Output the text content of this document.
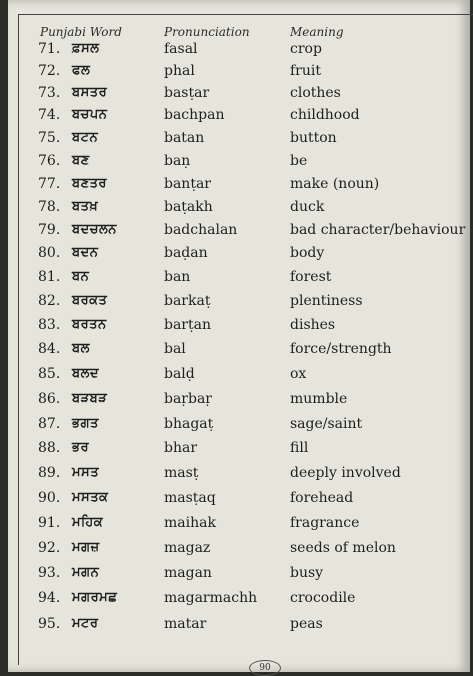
Punjabi Word	Pronunciation	Meaning
71. ਫ਼ਸਲ	fasal	crop
72. ਫਲ	phal	fruit
73. ਬਸਤਰ	basṭar	clothes
74. ਬਚਪਨ	bachpan	childhood
75. ਬਟਨ	batan	button
76. ਬਣ	baṇ	be
77. ਬਣਤਰ	banṭar	make (noun)
78. ਬਤਖ਼	baṭakh	duck
79. ਬਦਚਲਨ	badchalan	bad character/behaviour
80. ਬਦਨ	baḍan	body
81. ਬਨ	ban	forest
82. ਬਰਕਤ	barkaṭ	plentiness
83. ਬਰਤਨ	barṭan	dishes
84. ਬਲ	bal	force/strength
85. ਬਲਦ	balḍ	ox
86. ਬੜਬੜ	baṛbaṛ	mumble
87. ਭਗਤ	bhagaṭ	sage/saint
88. ਭਰ	bhar	fill
89. ਮਸਤ	masṭ	deeply involved
90. ਮਸਤਕ	masṭaq	forehead
91. ਮਹਿਕ	maihak	fragrance
92. ਮਗਜ਼	magaz	seeds of melon
93. ਮਗਨ	magan	busy
94. ਮਗਰਮਛ	magarmachh crocodile
95. ਮਟਰ	matar	peas
90
